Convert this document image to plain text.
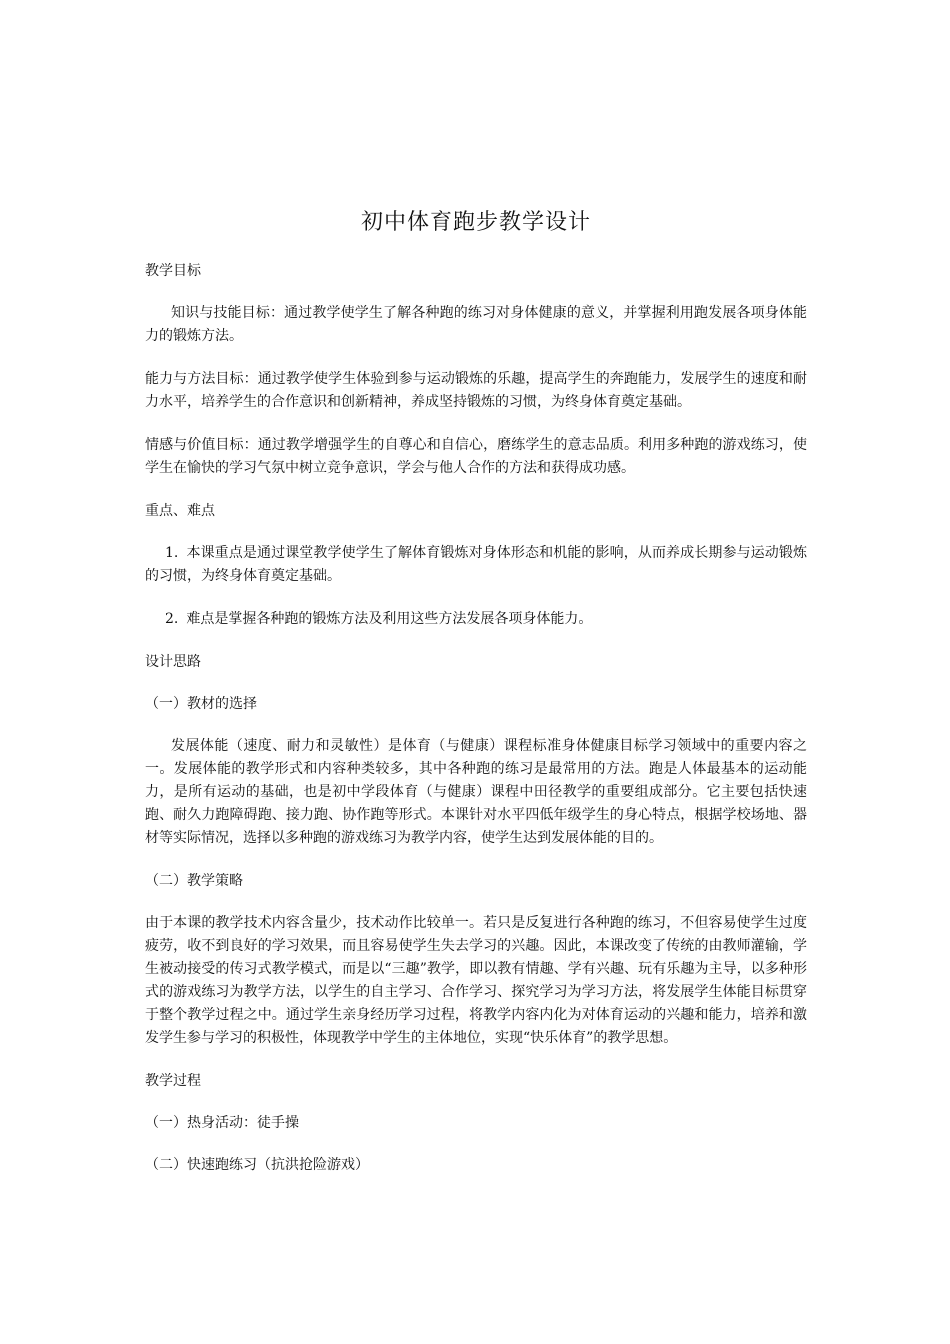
初中体育跑步教学设计
教学目标

知识与技能目标：通过教学使学生了解各种跑的练习对身体健康的意义，并掌握利用跑发展各项身体能力的锻炼方法。

能力与方法目标：通过教学使学生体验到参与运动锻炼的乐趣，提高学生的奔跑能力，发展学生的速度和耐力水平，培养学生的合作意识和创新精神，养成坚持锻炼的习惯，为终身体育奠定基础。

情感与价值目标：通过教学增强学生的自尊心和自信心，磨练学生的意志品质。利用多种跑的游戏练习，使学生在愉快的学习气氛中树立竞争意识，学会与他人合作的方法和获得成功感。

重点、难点
1. 本课重点是通过课堂教学使学生了解体育锻炼对身体形态和机能的影响，从而养成长期参与运动锻炼的习惯，为终身体育奠定基础。
2. 难点是掌握各种跑的锻炼方法及利用这些方法发展各项身体能力。
设计思路
（一）教材的选择

发展体能（速度、耐力和灵敏性）是体育（与健康）课程标准身体健康目标学习领域中的重要内容之一。发展体能的教学形式和内容种类较多，其中各种跑的练习是最常用的方法。跑是人体最基本的运动能力，是所有运动的基础，也是初中学段体育（与健康）课程中田径教学的重要组成部分。它主要包括快速跑、耐久力跑障碍跑、接力跑、协作跑等形式。本课针对水平四低年级学生的身心特点，根据学校场地、器材等实际情况，选择以多种跑的游戏练习为教学内容，使学生达到发展体能的目的。

（二）教学策略

由于本课的教学技术内容含量少，技术动作比较单一。若只是反复进行各种跑的练习，不但容易使学生过度疲劳，收不到良好的学习效果，而且容易使学生失去学习的兴趣。因此，本课改变了传统的由教师灌输，学生被动接受的传习式教学模式，而是以“三趣”教学，即以教有情趣、学有兴趣、玩有乐趣为主导，以多种形式的游戏练习为教学方法，以学生的自主学习、合作学习、探究学习为学习方法，将发展学生体能目标贯穿于整个教学过程之中。通过学生亲身经历学习过程，将教学内容内化为对体育运动的兴趣和能力，培养和激发学生参与学习的积极性，体现教学中学生的主体地位，实现“快乐体育”的教学思想。

教学过程
（一）热身活动：徒手操
（二）快速跑练习（抗洪抢险游戏）
